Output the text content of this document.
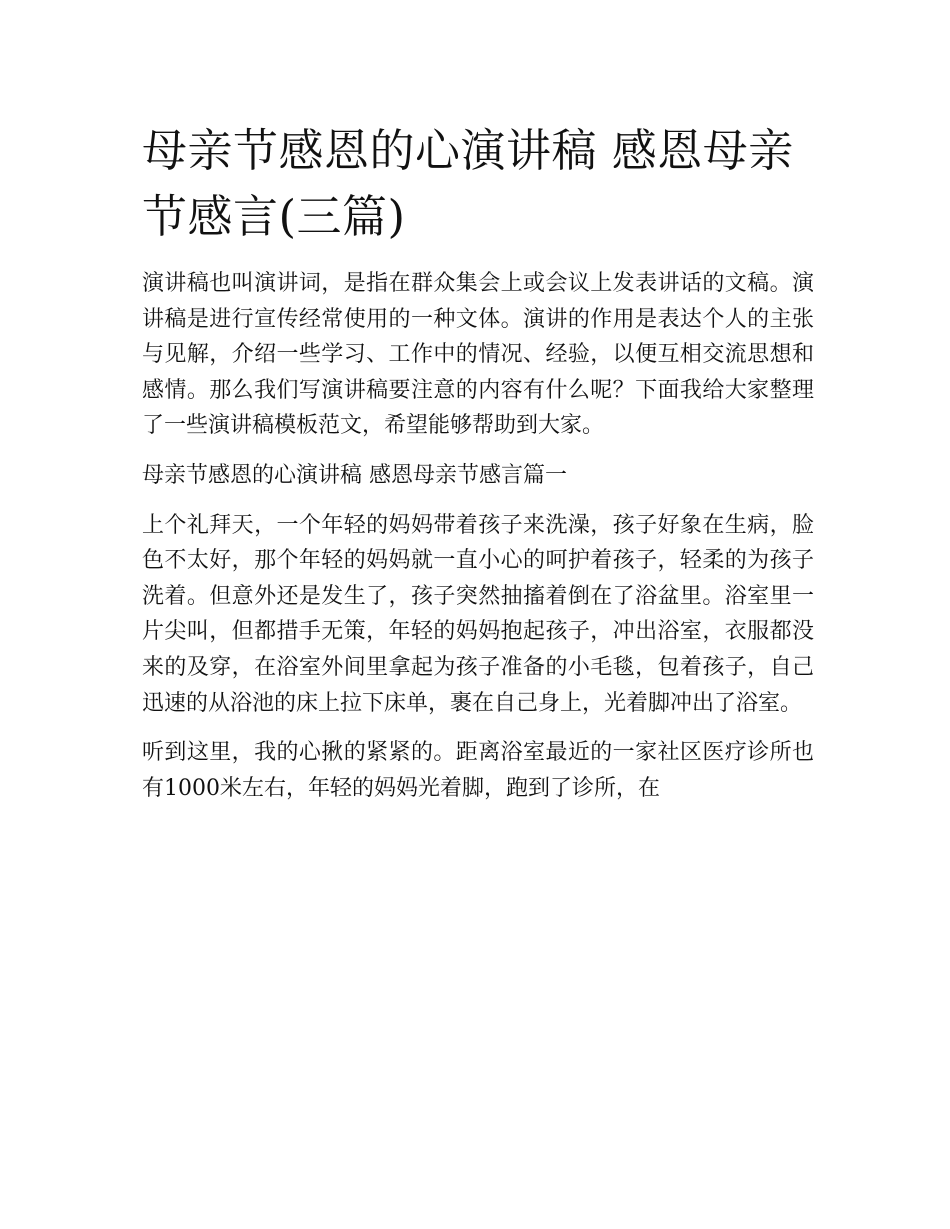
母亲节感恩的心演讲稿 感恩母亲节感言(三篇)

演讲稿也叫演讲词，是指在群众集会上或会议上发表讲话的文稿。演讲稿是进行宣传经常使用的一种文体。演讲的作用是表达个人的主张与见解，介绍一些学习、工作中的情况、经验，以便互相交流思想和感情。那么我们写演讲稿要注意的内容有什么呢？下面我给大家整理了一些演讲稿模板范文，希望能够帮助到大家。

母亲节感恩的心演讲稿 感恩母亲节感言篇一

上个礼拜天，一个年轻的妈妈带着孩子来洗澡，孩子好象在生病，脸色不太好，那个年轻的妈妈就一直小心的呵护着孩子，轻柔的为孩子洗着。但意外还是发生了，孩子突然抽搐着倒在了浴盆里。浴室里一片尖叫，但都措手无策，年轻的妈妈抱起孩子，冲出浴室，衣服都没来的及穿，在浴室外间里拿起为孩子准备的小毛毯，包着孩子，自己迅速的从浴池的床上拉下床单，裹在自己身上，光着脚冲出了浴室。

听到这里，我的心揪的紧紧的。距离浴室最近的一家社区医疗诊所也有1000米左右，年轻的妈妈光着脚，跑到了诊所，在
